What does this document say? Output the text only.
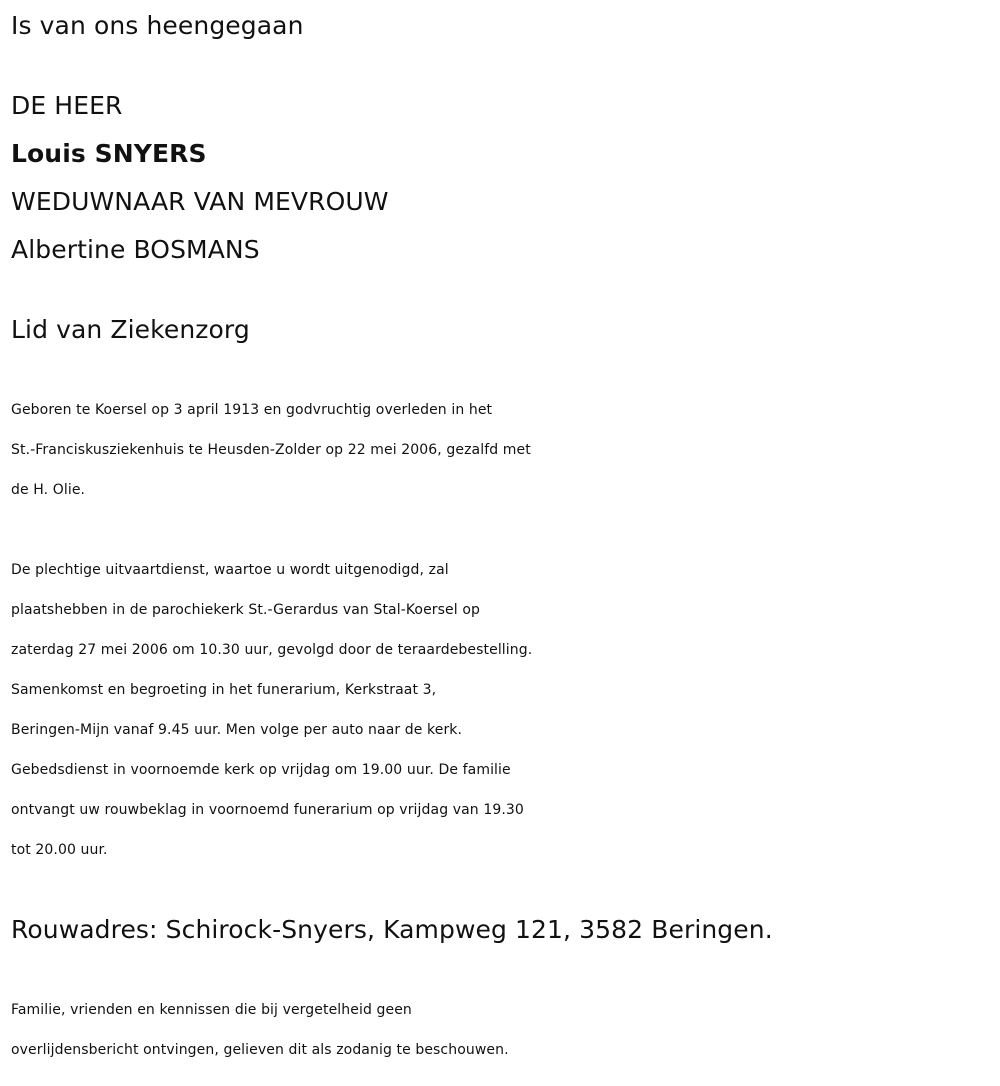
Is van ons heengegaan
DE HEER
Louis SNYERS
WEDUWNAAR VAN MEVROUW
Albertine BOSMANS
Lid van Ziekenzorg
Geboren te Koersel op 3 april 1913 en godvruchtig overleden in het
St.-Franciskusziekenhuis te Heusden-Zolder op 22 mei 2006, gezalfd met
de H. Olie.
De plechtige uitvaartdienst, waartoe u wordt uitgenodigd, zal
plaatshebben in de parochiekerk St.-Gerardus van Stal-Koersel op
zaterdag 27 mei 2006 om 10.30 uur, gevolgd door de teraardebestelling.
Samenkomst en begroeting in het funerarium, Kerkstraat 3,
Beringen-Mijn vanaf 9.45 uur. Men volge per auto naar de kerk.
Gebedsdienst in voornoemde kerk op vrijdag om 19.00 uur. De familie
ontvangt uw rouwbeklag in voornoemd funerarium op vrijdag van 19.30
tot 20.00 uur.
Rouwadres: Schirock-Snyers, Kampweg 121, 3582 Beringen.
Familie, vrienden en kennissen die bij vergetelheid geen
overlijdensbericht ontvingen, gelieven dit als zodanig te beschouwen.
